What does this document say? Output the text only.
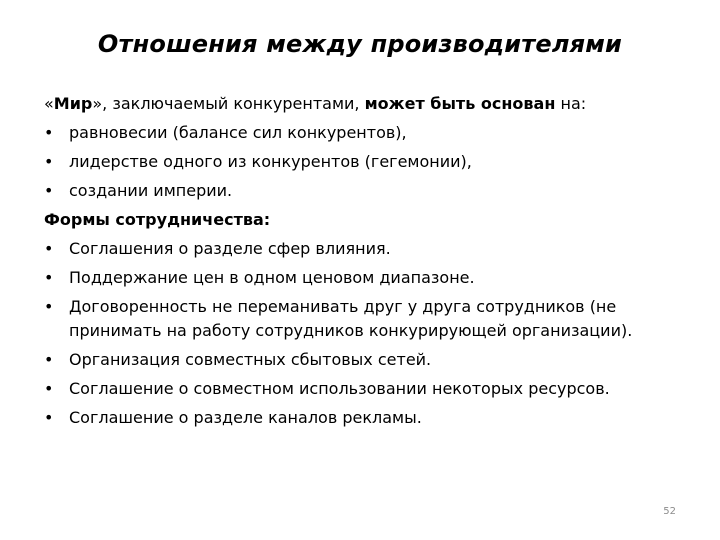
Отношения между производителями

«Мир», заключаемый конкурентами, может быть основан на:

• равновесии (балансе сил конкурентов),
• лидерстве одного из конкурентов (гегемонии),
• создании империи.

Формы сотрудничества:

• Соглашения о разделе сфер влияния.
• Поддержание цен в одном ценовом диапазоне.
• Договоренность не переманивать друг у друга сотрудников (не принимать на работу сотрудников конкурирующей организации).
• Организация совместных сбытовых сетей.
• Соглашение о совместном использовании некоторых ресурсов.
• Соглашение о разделе каналов рекламы.
52
